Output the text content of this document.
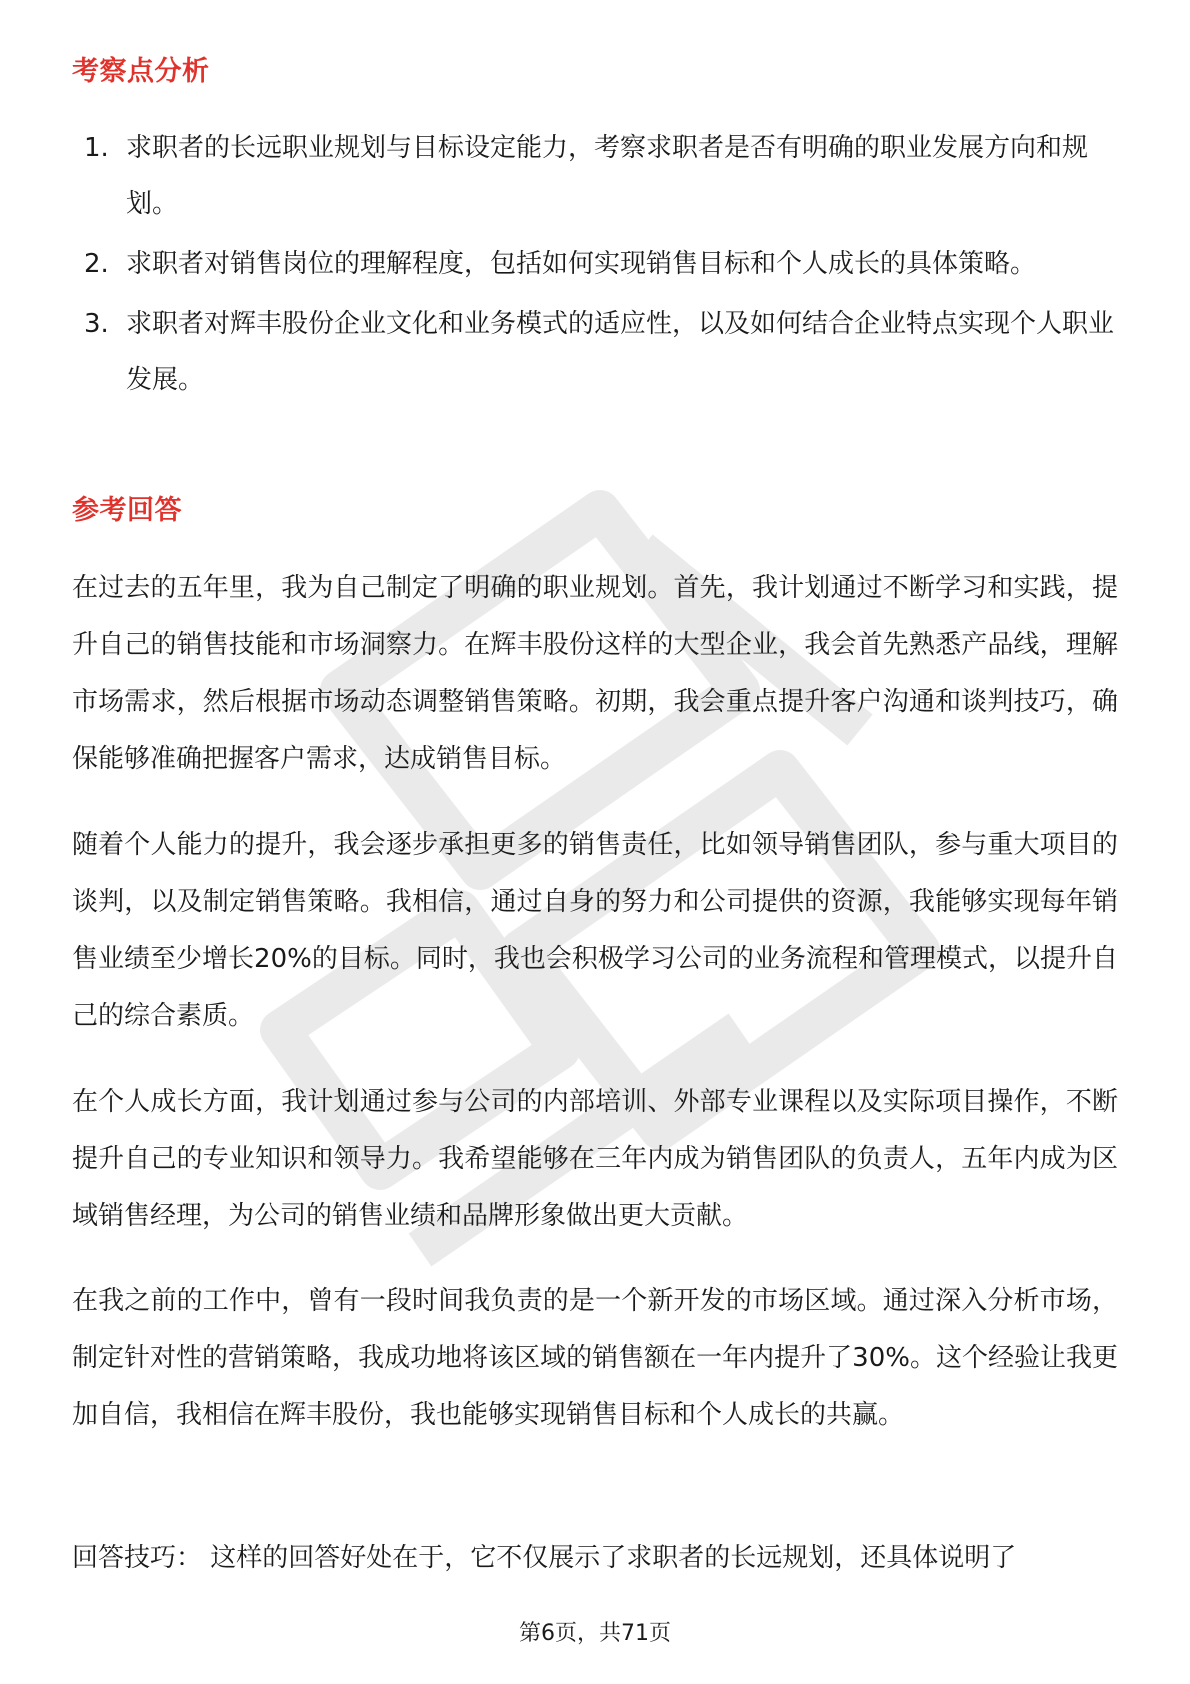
考察点分析
1. 求职者的长远职业规划与目标设定能力，考察求职者是否有明确的职业发展方向和规划。
2. 求职者对销售岗位的理解程度，包括如何实现销售目标和个人成长的具体策略。
3. 求职者对辉丰股份企业文化和业务模式的适应性，以及如何结合企业特点实现个人职业发展。
参考回答

在过去的五年里，我为自己制定了明确的职业规划。首先，我计划通过不断学习和实践，提升自己的销售技能和市场洞察力。在辉丰股份这样的大型企业，我会首先熟悉产品线，理解市场需求，然后根据市场动态调整销售策略。初期，我会重点提升客户沟通和谈判技巧，确保能够准确把握客户需求，达成销售目标。

随着个人能力的提升，我会逐步承担更多的销售责任，比如领导销售团队，参与重大项目的谈判，以及制定销售策略。我相信，通过自身的努力和公司提供的资源，我能够实现每年销售业绩至少增长20%的目标。同时，我也会积极学习公司的业务流程和管理模式，以提升自己的综合素质。

在个人成长方面，我计划通过参与公司的内部培训、外部专业课程以及实际项目操作，不断提升自己的专业知识和领导力。我希望能够在三年内成为销售团队的负责人，五年内成为区域销售经理，为公司的销售业绩和品牌形象做出更大贡献。

在我之前的工作中，曾有一段时间我负责的是一个新开发的市场区域。通过深入分析市场，制定针对性的营销策略，我成功地将该区域的销售额在一年内提升了30%。这个经验让我更加自信，我相信在辉丰股份，我也能够实现销售目标和个人成长的共赢。

回答技巧： 这样的回答好处在于，它不仅展示了求职者的长远规划，还具体说明了

第6页，共71页
